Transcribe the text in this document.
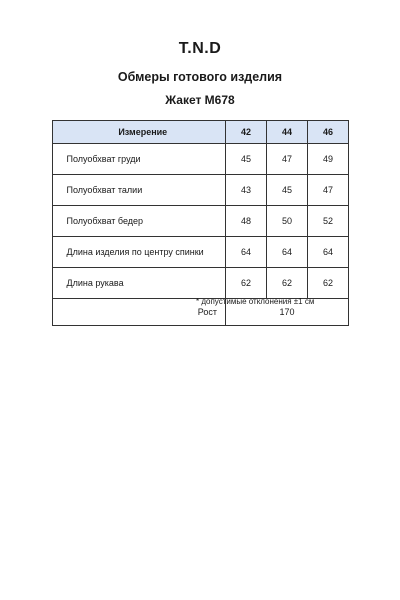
T.N.D
Обмеры готового изделия
Жакет М678
	Измерение	42	44	46
	Полуобхват груди	45	47	49
	Полуобхват талии	43	45	47
	Полуобхват бедер	48	50	52
	Длина изделия по центру спинки	64	64	64
	Длина рукава	62	62	62
	Рост	170		
* допустимые отклонения ±1 см
